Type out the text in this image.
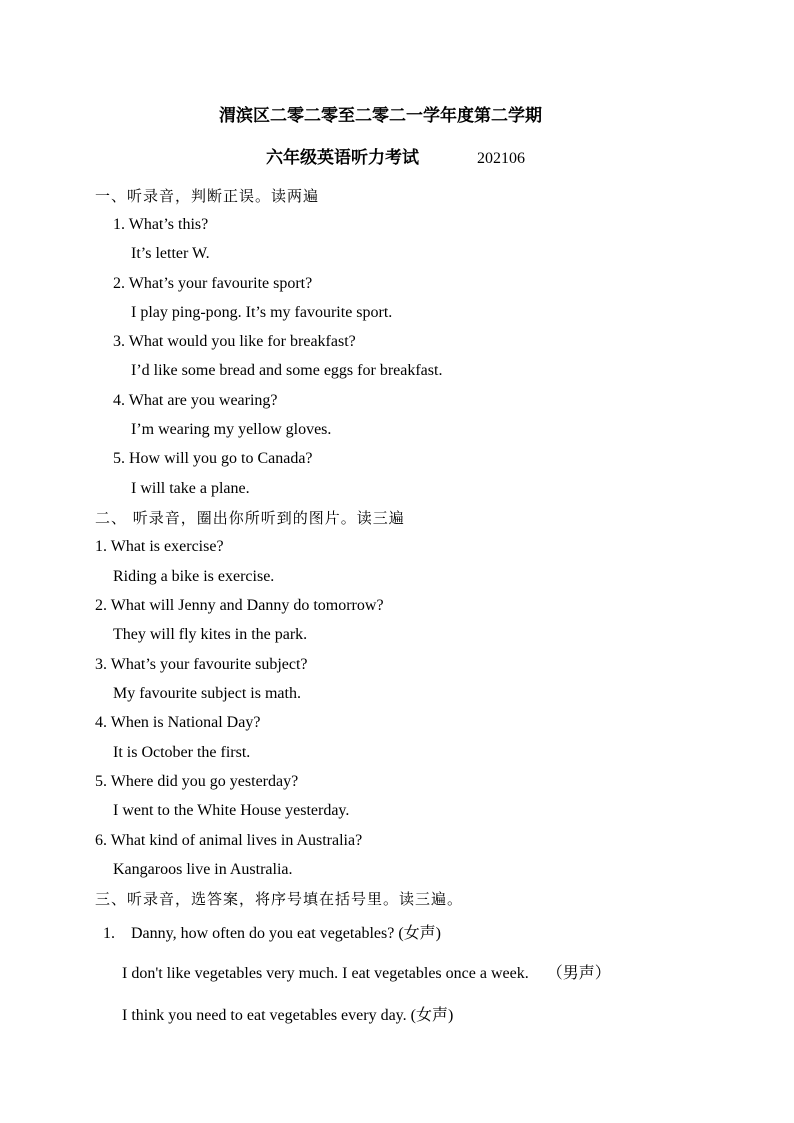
渭滨区二零二零至二零二一学年度第二学期
六年级英语听力考试	202106
一、听录音，判断正误。读两遍
1. What’s this?
It’s letter W.
2. What’s your favourite sport?
I play ping-pong. It’s my favourite sport.
3. What would you like for breakfast?
I’d like some bread and some eggs for breakfast.
4. What are you wearing?
I’m wearing my yellow gloves.
5. How will you go to Canada?
I will take a plane.
二、 听录音，圈出你所听到的图片。读三遍
1. What is exercise?
Riding a bike is exercise.
2. What will Jenny and Danny do tomorrow?
They will fly kites in the park.
3. What’s your favourite subject?
My favourite subject is math.
4. When is National Day?
It is October the first.
5. Where did you go yesterday?
I went to the White House yesterday.
6. What kind of animal lives in Australia?
Kangaroos live in Australia.
三、听录音，选答案，将序号填在括号里。读三遍。
1. Danny, how often do you eat vegetables? (女声)
I don't like vegetables very much. I eat vegetables once a week. （男声）
I think you need to eat vegetables every day. (女声)
